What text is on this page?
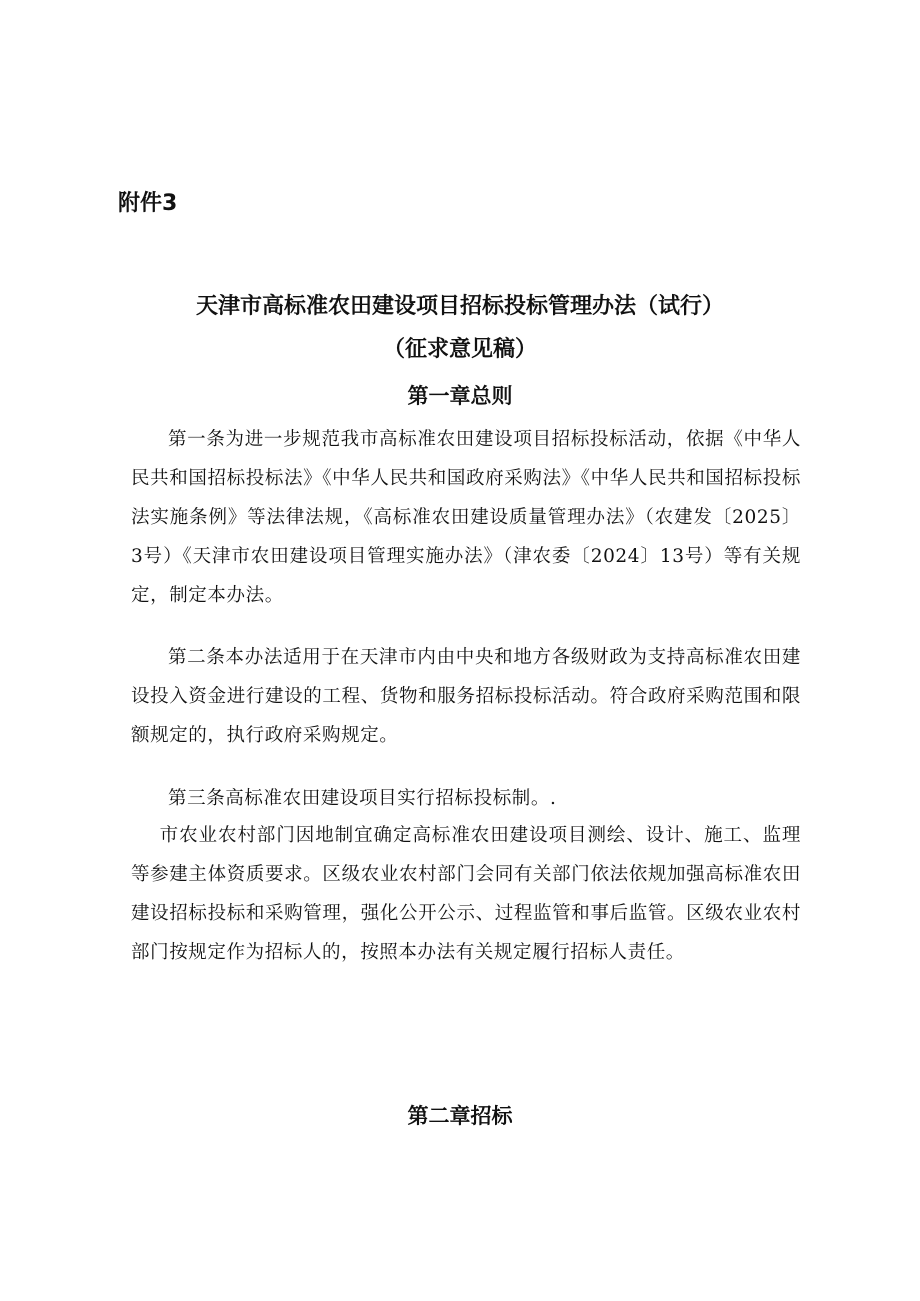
附件3
天津市高标准农田建设项目招标投标管理办法（试行）
（征求意见稿）
第一章总则
第一条为进一步规范我市高标准农田建设项目招标投标活动，依据《中华人民共和国招标投标法》《中华人民共和国政府采购法》《中华人民共和国招标投标法实施条例》等法律法规，《高标准农田建设质量管理办法》（农建发〔2025〕3号）《天津市农田建设项目管理实施办法》（津农委〔2024〕13号）等有关规定，制定本办法。
第二条本办法适用于在天津市内由中央和地方各级财政为支持高标准农田建设投入资金进行建设的工程、货物和服务招标投标活动。符合政府采购范围和限额规定的，执行政府采购规定。
第三条高标准农田建设项目实行招标投标制。.
市农业农村部门因地制宜确定高标准农田建设项目测绘、设计、施工、监理等参建主体资质要求。区级农业农村部门会同有关部门依法依规加强高标准农田建设招标投标和采购管理，强化公开公示、过程监管和事后监管。区级农业农村部门按规定作为招标人的，按照本办法有关规定履行招标人责任。
第二章招标
